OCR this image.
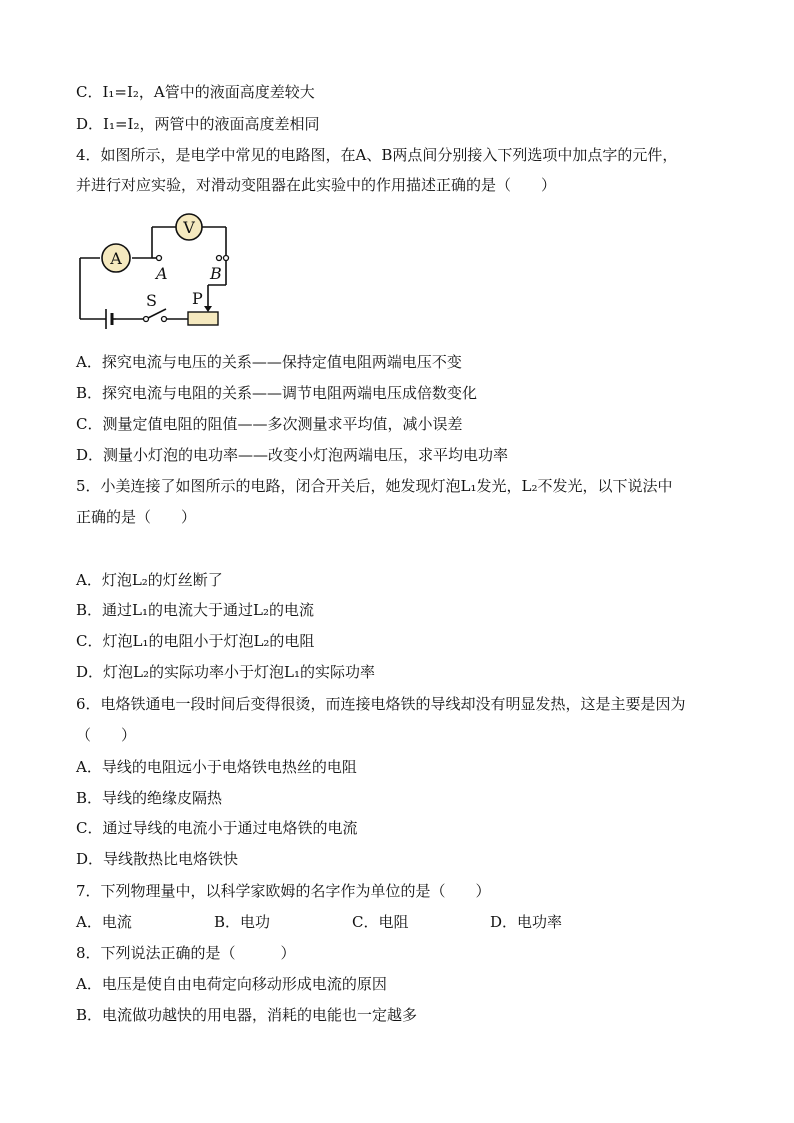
C．I₁=I₂，A管中的液面高度差较大
D．I₁=I₂，两管中的液面高度差相同
4．如图所示，是电学中常见的电路图，在A、B两点间分别接入下列选项中加点字的元件，
并进行对应实验，对滑动变阻器在此实验中的作用描述正确的是（　　）
S P
A
V
A	B
A．探究电流与电压的关系——保持定值电阻两端电压不变
B．探究电流与电阻的关系——调节电阻两端电压成倍数变化
C．测量定值电阻的阻值——多次测量求平均值，减小误差
D．测量小灯泡的电功率——改变小灯泡两端电压，求平均电功率
5．小美连接了如图所示的电路，闭合开关后，她发现灯泡L₁发光，L₂不发光，以下说法中
正确的是（　　）
A．灯泡L₂的灯丝断了
B．通过L₁的电流大于通过L₂的电流
C．灯泡L₁的电阻小于灯泡L₂的电阻
D．灯泡L₂的实际功率小于灯泡L₁的实际功率
6．电烙铁通电一段时间后变得很烫，而连接电烙铁的导线却没有明显发热，这是主要是因为
（　　）
A．导线的电阻远小于电烙铁电热丝的电阻
B．导线的绝缘皮隔热
C．通过导线的电流小于通过电烙铁的电流
D．导线散热比电烙铁快
7．下列物理量中，以科学家欧姆的名字作为单位的是（　　）
A．电流	B．电功	C．电阻	D．电功率
8．下列说法正确的是（　　　）
A．电压是使自由电荷定向移动形成电流的原因
B．电流做功越快的用电器，消耗的电能也一定越多
